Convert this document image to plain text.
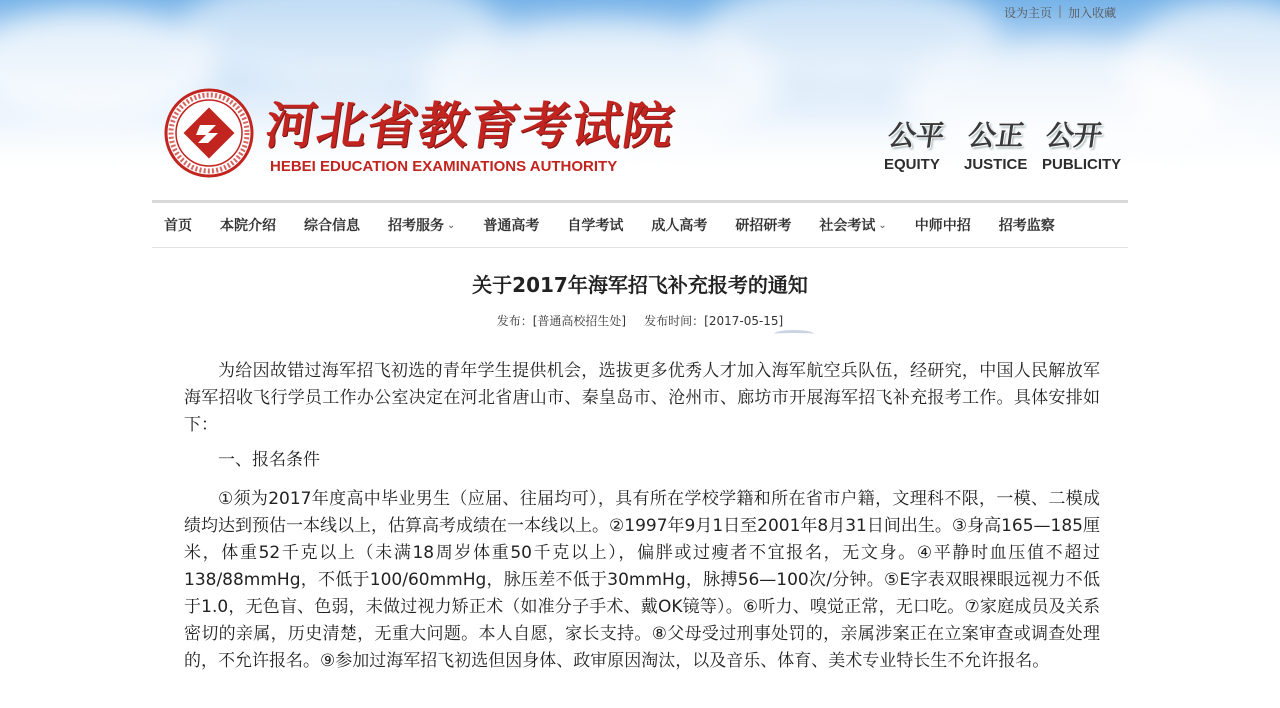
设为主页 | 加入收藏
河北省教育考试院
HEBEI EDUCATION EXAMINATIONS AUTHORITY
公平
EQUITY
公正
JUSTICE
公开
PUBLICITY
首页 本院介绍 综合信息 招考服务 ⌄ 普通高考 自学考试 成人高考 研招研考 社会考试 ⌄ 中师中招 招考监察
关于2017年海军招飞补充报考的通知
发布：[普通高校招生处] 发布时间：[2017-05-15]

为给因故错过海军招飞初选的青年学生提供机会，选拔更多优秀人才加入海军航空兵队伍，经研究，中国人民解放军海军招收飞行学员工作办公室决定在河北省唐山市、秦皇岛市、沧州市、廊坊市开展海军招飞补充报考工作。具体安排如下：

一、报名条件

①须为2017年度高中毕业男生（应届、往届均可），具有所在学校学籍和所在省市户籍，文理科不限，一模、二模成绩均达到预估一本线以上，估算高考成绩在一本线以上。②1997年9月1日至2001年8月31日间出生。③身高165—185厘米，体重52千克以上（未满18周岁体重50千克以上），偏胖或过瘦者不宜报名，无文身。④平静时血压值不超过138/88mmHg，不低于100/60mmHg，脉压差不低于30mmHg，脉搏56—100次/分钟。⑤E字表双眼裸眼远视力不低于1.0，无色盲、色弱，未做过视力矫正术（如准分子手术、戴OK镜等）。⑥听力、嗅觉正常，无口吃。⑦家庭成员及关系密切的亲属，历史清楚，无重大问题。本人自愿，家长支持。⑧父母受过刑事处罚的，亲属涉案正在立案审查或调查处理的，不允许报名。⑨参加过海军招飞初选但因身体、政审原因淘汰，以及音乐、体育、美术专业特长生不允许报名。
